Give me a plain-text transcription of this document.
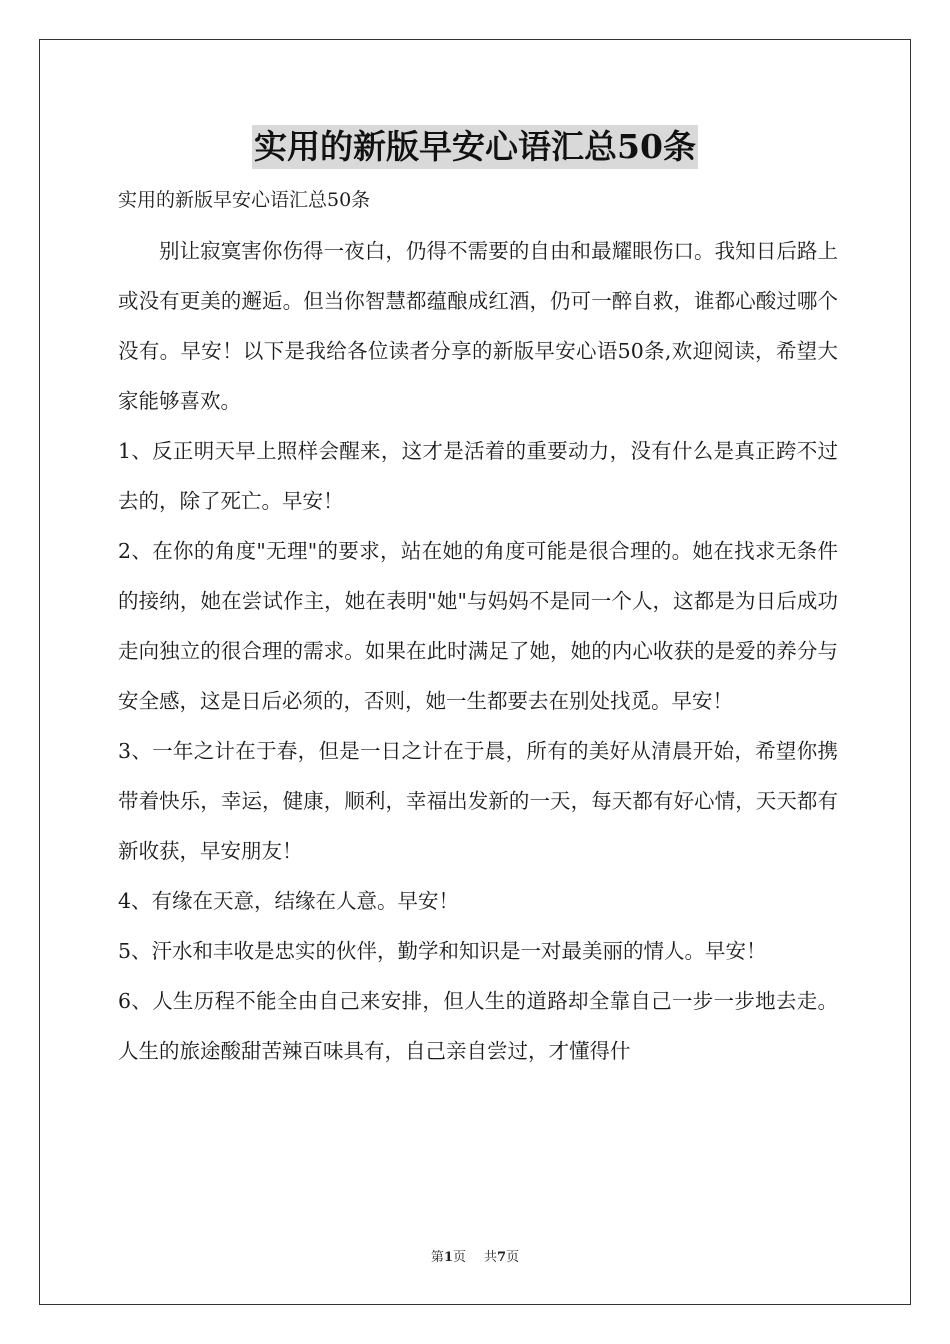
实用的新版早安心语汇总50条

实用的新版早安心语汇总50条

别让寂寞害你伤得一夜白，仍得不需要的自由和最耀眼伤口。我知日后路上或没有更美的邂逅。但当你智慧都蕴酿成红酒，仍可一醉自救，谁都心酸过哪个没有。早安！以下是我给各位读者分享的新版早安心语50条,欢迎阅读，希望大家能够喜欢。

1、反正明天早上照样会醒来，这才是活着的重要动力，没有什么是真正跨不过去的，除了死亡。早安！

2、在你的角度"无理"的要求，站在她的角度可能是很合理的。她在找求无条件的接纳，她在尝试作主，她在表明"她"与妈妈不是同一个人，这都是为日后成功走向独立的很合理的需求。如果在此时满足了她，她的内心收获的是爱的养分与安全感，这是日后必须的，否则，她一生都要去在别处找觅。早安！

3、一年之计在于春，但是一日之计在于晨，所有的美好从清晨开始，希望你携带着快乐，幸运，健康，顺利，幸福出发新的一天，每天都有好心情，天天都有新收获，早安朋友！

4、有缘在天意，结缘在人意。早安！

5、汗水和丰收是忠实的伙伴，勤学和知识是一对最美丽的情人。早安！

6、人生历程不能全由自己来安排，但人生的道路却全靠自己一步一步地去走。人生的旅途酸甜苦辣百味具有，自己亲自尝过，才懂得什

第1页 共7页
